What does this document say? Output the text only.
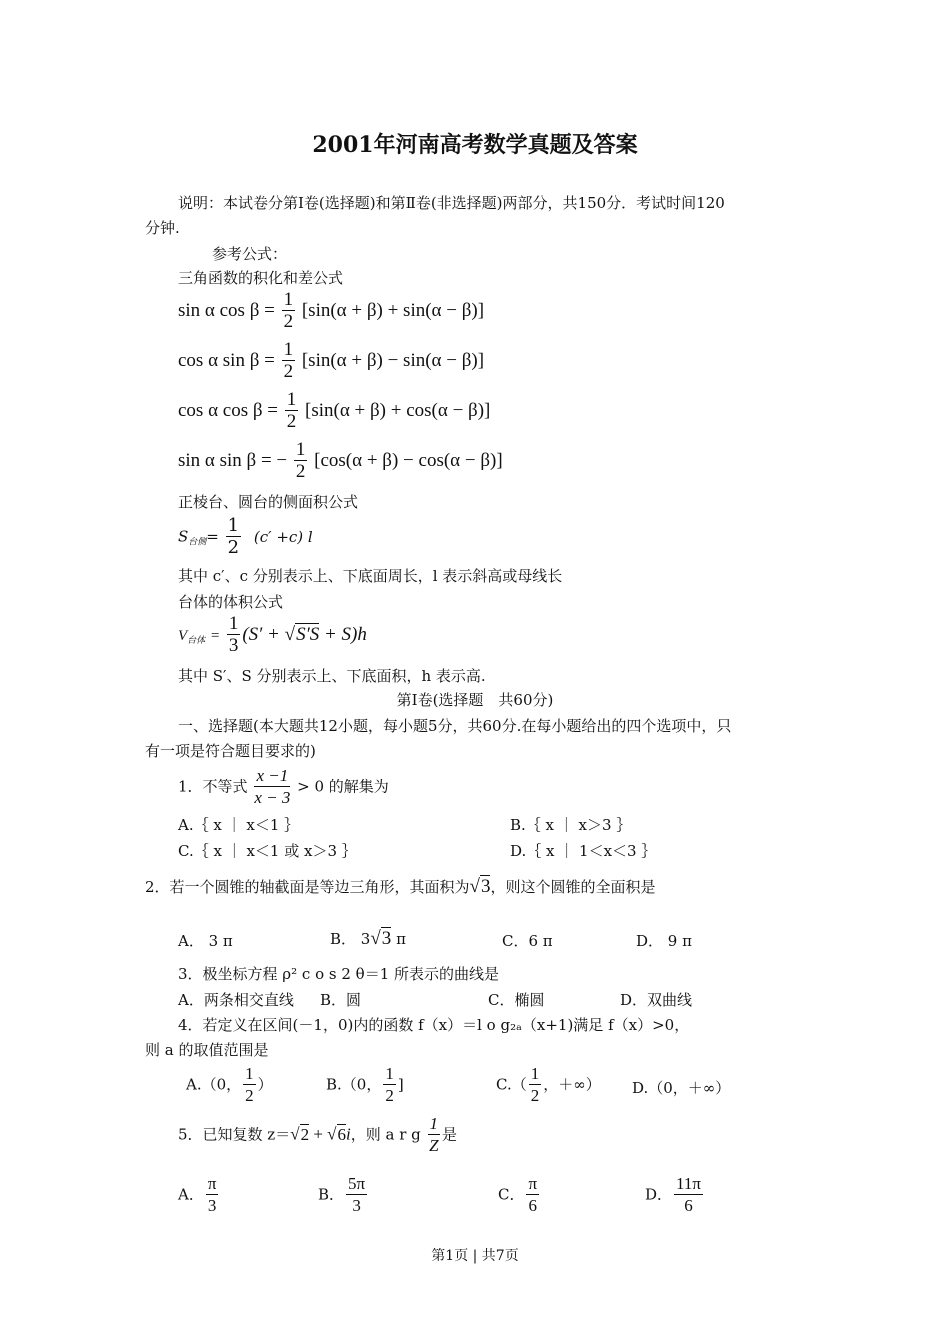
2001年河南高考数学真题及答案
说明：本试卷分第Ⅰ卷(选择题)和第Ⅱ卷(非选择题)两部分，共150分．考试时间120
分钟.
参考公式：
三角函数的积化和差公式
sin α $\cos \beta = \frac{1}{2} [\sin(\alpha + \beta) + \sin(\alpha - \beta)]$
cos α $\sin \beta = \frac{1}{2} [\sin(\alpha + \beta) - \sin(\alpha - \beta)]$
cos α $\cos \beta = \frac{1}{2} [\sin(\alpha + \beta) + \cos(\alpha - \beta)]$
sin α sin β = − $\frac{1}{2} [\cos(\alpha + \beta) - \cos(\alpha - \beta)]$
正棱台、圆台的侧面积公式
$S_{台侧}= \frac{1}{2} (c' +c)$ l
其中 c′、c 分别表示上、下底面周长，l 表示斜高或母线长
台体的体积公式
$V_{台体} = \frac{1}{3} (S' + √S'S + S)h$
其中 S′、S 分别表示上、下底面积，h 表示高.
第Ⅰ卷(选择题　共60分)
一、选择题(本大题共12小题，每小题5分，共60分.在每小题给出的四个选项中，只
有一项是符合题目要求的)
1．不等式 $\frac{x -1}{x - 3} > 0$ 的解集为
A.｛ x ｜ x＜1 ｝	B.｛ x ｜ x＞3 ｝
C.｛ x ｜ x＜1 或 x＞3 ｝	D.｛ x ｜ 1＜x＜3 ｝
2．若一个圆锥的轴截面是等边三角形，其面积为√3，则这个圆锥的全面积是
A． 3 π	B． 3√3 π	C．6 π	D． 9 π
3．极坐标方程 ρ² c o s 2 θ＝1 所表示的曲线是
A．两条相交直线 B．圆	C．椭圆	D．双曲线
4．若定义在区间(－1，0)内的函数 f（x）＝l o g₂ₐ（x+1)满足 f（x）>0，
则 a 的取值范围是
A.（0， $\frac{1}{2}$ ）	B.（0， $\frac{1}{2}$ ]	$C.( \frac{1}{2}$ ，＋∞） D.（0，＋∞）
5．已知复数 z＝√2 + √6i，则 a r g $\frac{1}{Z}$ 是
A． $\frac{\pi}{3}$	B． $\frac{5\pi}{3}$	C． $\frac{\pi}{6}$	D． $\frac{11\pi}{6}$
第1页 | 共7页
